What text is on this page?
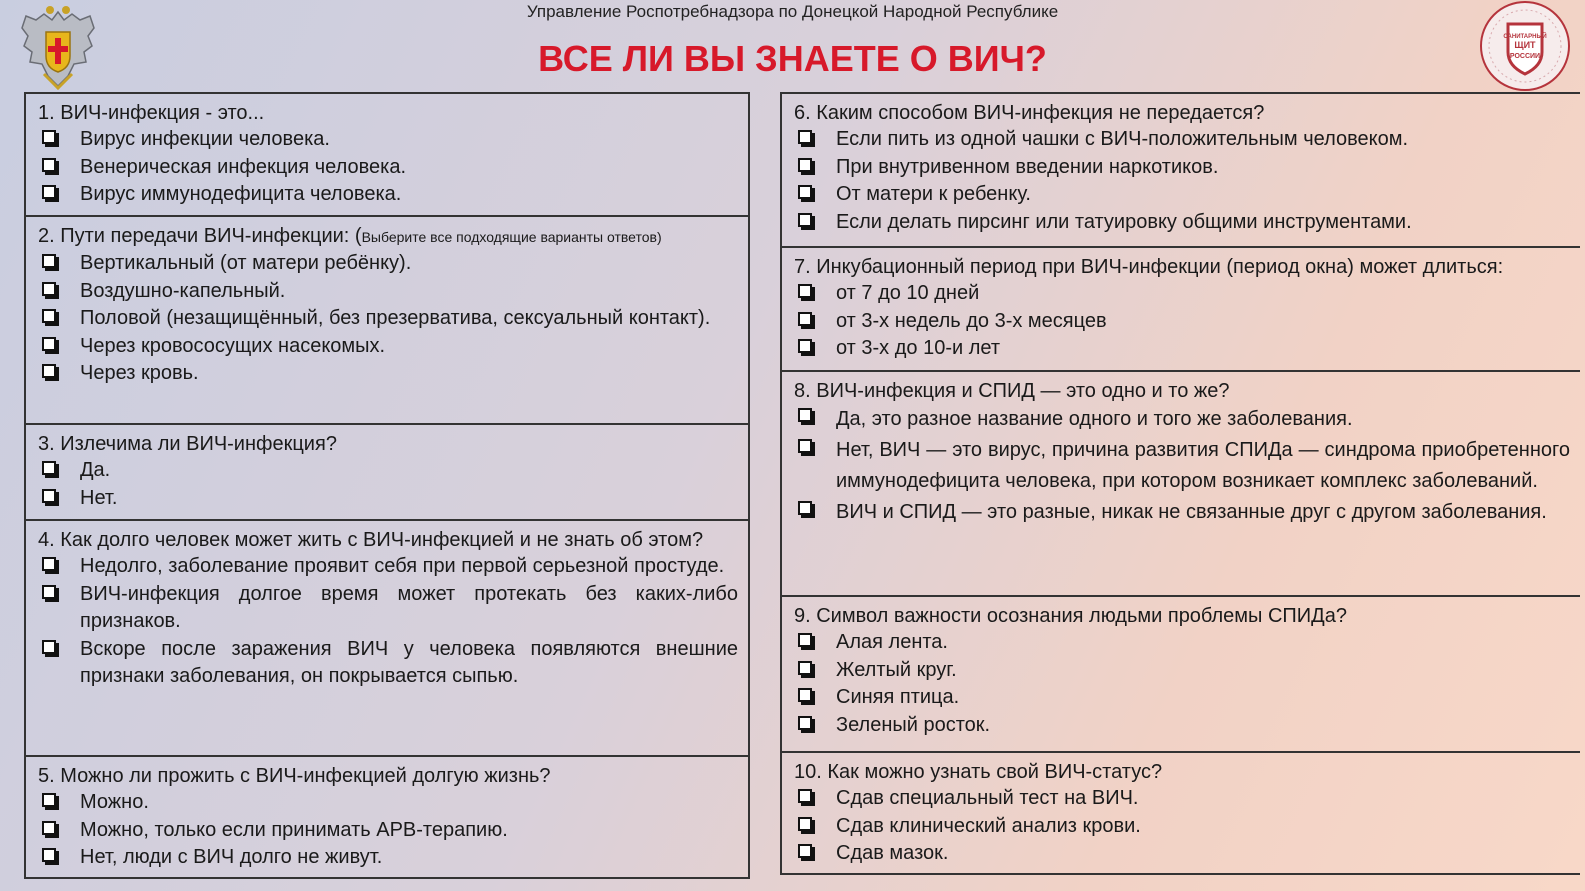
Управление Роспотребнадзора по Донецкой Народной Республике
ВСЕ ЛИ ВЫ ЗНАЕТЕ О ВИЧ?
САНИТАРНЫЙ
ЩИТ
РОССИИ
1. ВИЧ-инфекция - это...
Вирус инфекции человека.
Венерическая инфекция человека.
Вирус иммунодефицита человека.
2. Пути передачи ВИЧ-инфекции: (Выберите все подходящие варианты ответов)
Вертикальный (от матери ребёнку).
Воздушно-капельный.
Половой (незащищённый, без презерватива, сексуальный контакт).
Через кровососущих насекомых.
Через кровь.
3. Излечима ли ВИЧ-инфекция?
Да.
Нет.
4. Как долго человек может жить с ВИЧ-инфекцией и не знать об этом?
Недолго, заболевание проявит себя при первой серьезной простуде.
ВИЧ-инфекция долгое время может протекать без каких-либо признаков.
Вскоре после заражения ВИЧ у человека появляются внешние признаки заболевания, он покрывается сыпью.
5. Можно ли прожить с ВИЧ-инфекцией долгую жизнь?
Можно.
Можно, только если принимать АРВ-терапию.
Нет, люди с ВИЧ долго не живут.
6. Каким способом ВИЧ-инфекция не передается?
Если пить из одной чашки с ВИЧ-положительным человеком.
При внутривенном введении наркотиков.
От матери к ребенку.
Если делать пирсинг или татуировку общими инструментами.
7. Инкубационный период при ВИЧ-инфекции (период окна) может длиться:
от 7 до 10 дней
от 3-х недель до 3-х месяцев
от 3-х до 10-и лет
8. ВИЧ-инфекция и СПИД — это одно и то же?
Да, это разное название одного и того же заболевания.
Нет, ВИЧ — это вирус, причина развития СПИДа — синдрома приобретенного иммунодефицита человека, при котором возникает комплекс заболеваний.
ВИЧ и СПИД — это разные, никак не связанные друг с другом заболевания.
9. Символ важности осознания людьми проблемы СПИДа?
Алая лента.
Желтый круг.
Синяя птица.
Зеленый росток.
10. Как можно узнать свой ВИЧ-статус?
Сдав специальный тест на ВИЧ.
Сдав клинический анализ крови.
Сдав мазок.
